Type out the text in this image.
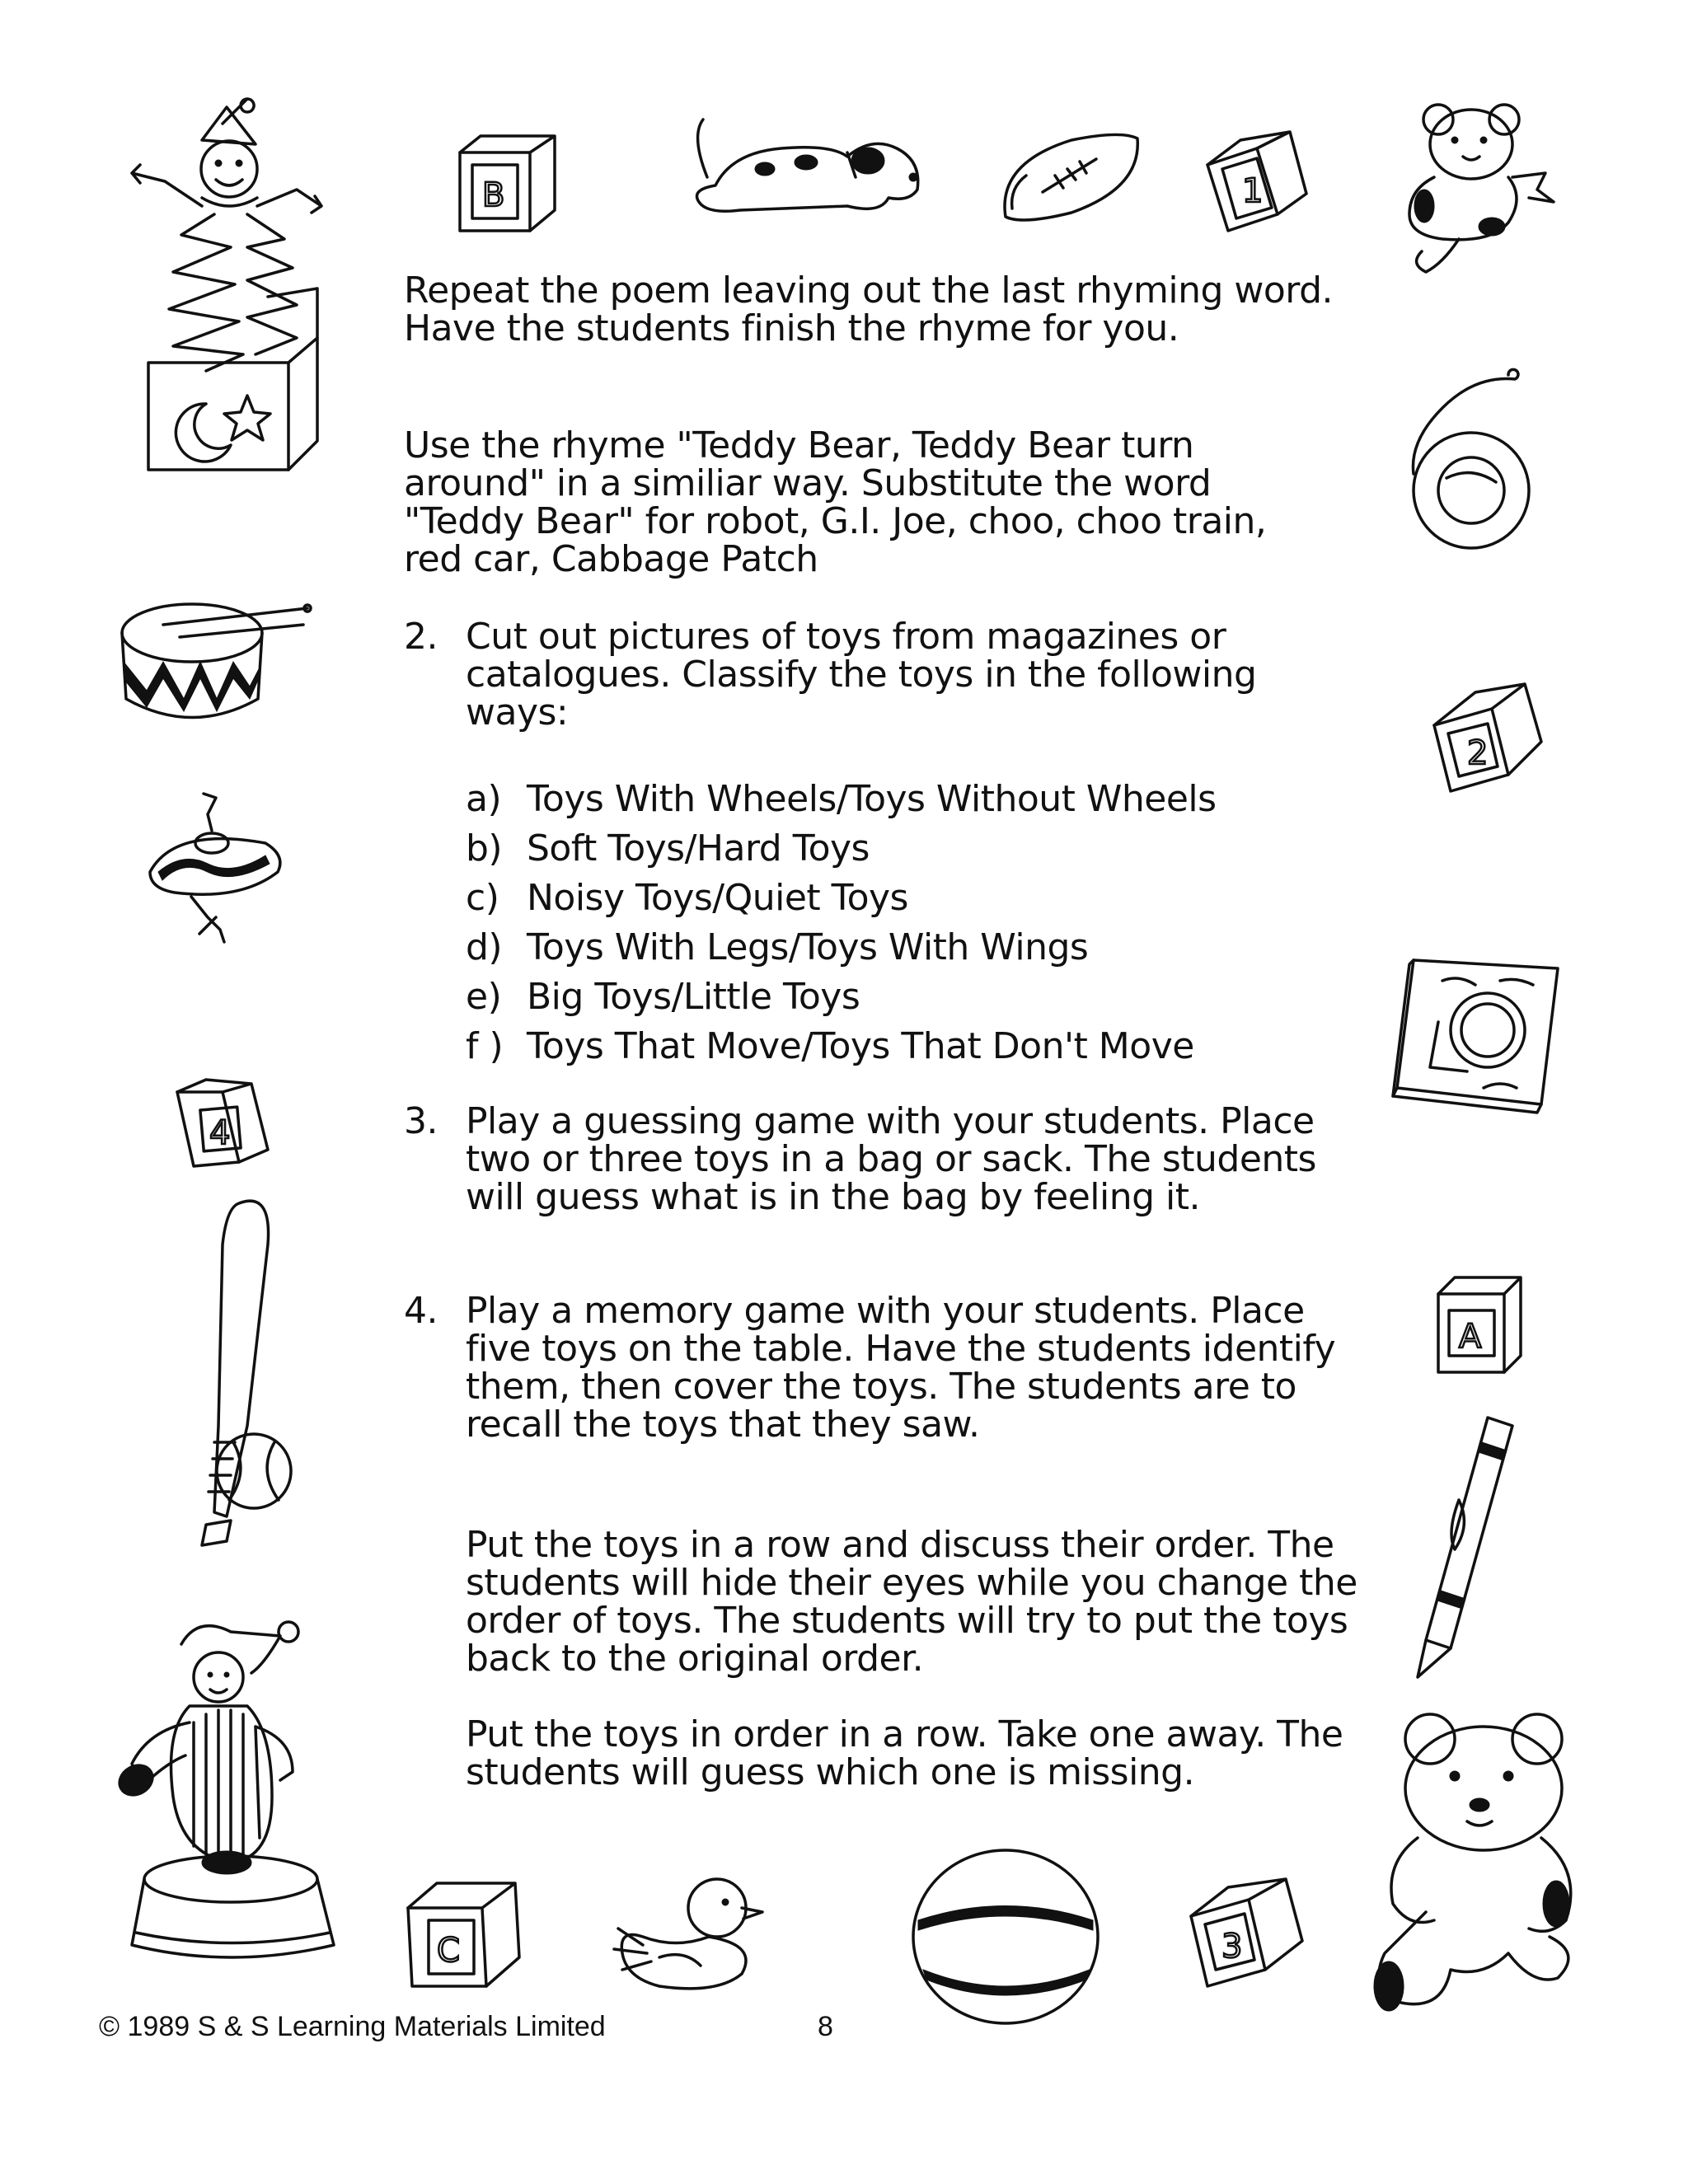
Repeat the poem leaving out the last rhyming word. Have the students finish the rhyme for you.

Use the rhyme "Teddy Bear, Teddy Bear turn around" in a similiar way. Substitute the word "Teddy Bear" for robot, G.I. Joe, choo, choo train, red car, Cabbage Patch

2. Cut out pictures of toys from magazines or catalogues. Classify the toys in the following ways:

a) Toys With Wheels/Toys Without Wheels
b) Soft Toys/Hard Toys
c) Noisy Toys/Quiet Toys
d) Toys With Legs/Toys With Wings
e) Big Toys/Little Toys
f ) Toys That Move/Toys That Don't Move
3. Play a guessing game with your students. Place two or three toys in a bag or sack. The students will guess what is in the bag by feeling it.

4. Play a memory game with your students. Place five toys on the table. Have the students identify them, then cover the toys. The students are to recall the toys that they saw.

Put the toys in a row and discuss their order. The students will hide their eyes while you change the order of toys. The students will try to put the toys back to the original order.

Put the toys in order in a row. Take one away. The students will guess which one is missing.

B	1
4
2
A
C	3
© 1989 S & S Learning Materials Limited	8
